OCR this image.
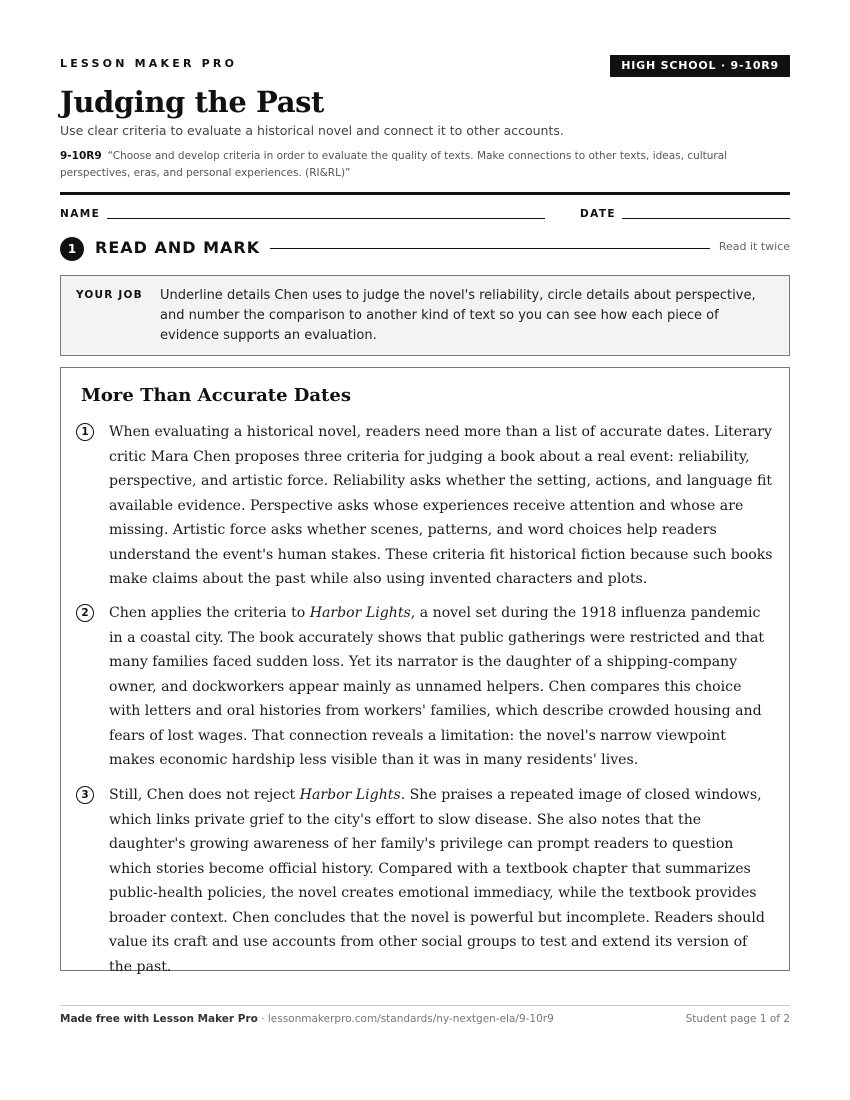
LESSON MAKER PRO	HIGH SCHOOL · 9-10R9
Judging the Past
Use clear criteria to evaluate a historical novel and connect it to other accounts.
9-10R9 “Choose and develop criteria in order to evaluate the quality of texts. Make connections to other texts, ideas, cultural perspectives, eras, and personal experiences. (RI&RL)”
NAME	DATE
1	READ AND MARK	Read it twice
YOUR JOB Underline details Chen uses to judge the novel's reliability, circle details about perspective, and number the comparison to another kind of text so you can see how each piece of evidence supports an evaluation.
More Than Accurate Dates
1	When evaluating a historical novel, readers need more than a list of accurate dates. Literary critic Mara Chen proposes three criteria for judging a book about a real event: reliability, perspective, and artistic force. Reliability asks whether the setting, actions, and language fit available evidence. Perspective asks whose experiences receive attention and whose are missing. Artistic force asks whether scenes, patterns, and word choices help readers understand the event's human stakes. These criteria fit historical fiction because such books make claims about the past while also using invented characters and plots.

2	Chen applies the criteria to Harbor Lights, a novel set during the 1918 influenza pandemic in a coastal city. The book accurately shows that public gatherings were restricted and that many families faced sudden loss. Yet its narrator is the daughter of a shipping-company owner, and dockworkers appear mainly as unnamed helpers. Chen compares this choice with letters and oral histories from workers' families, which describe crowded housing and fears of lost wages. That connection reveals a limitation: the novel's narrow viewpoint makes economic hardship less visible than it was in many residents' lives.

3	Still, Chen does not reject Harbor Lights. She praises a repeated image of closed windows, which links private grief to the city's effort to slow disease. She also notes that the daughter's growing awareness of her family's privilege can prompt readers to question which stories become official history. Compared with a textbook chapter that summarizes public-health policies, the novel creates emotional immediacy, while the textbook provides broader context. Chen concludes that the novel is powerful but incomplete. Readers should value its craft and use accounts from other social groups to test and extend its version of the past.

Made free with Lesson Maker Pro · lessonmakerpro.com/standards/ny-nextgen-ela/9-10r9	Student page 1 of 2
